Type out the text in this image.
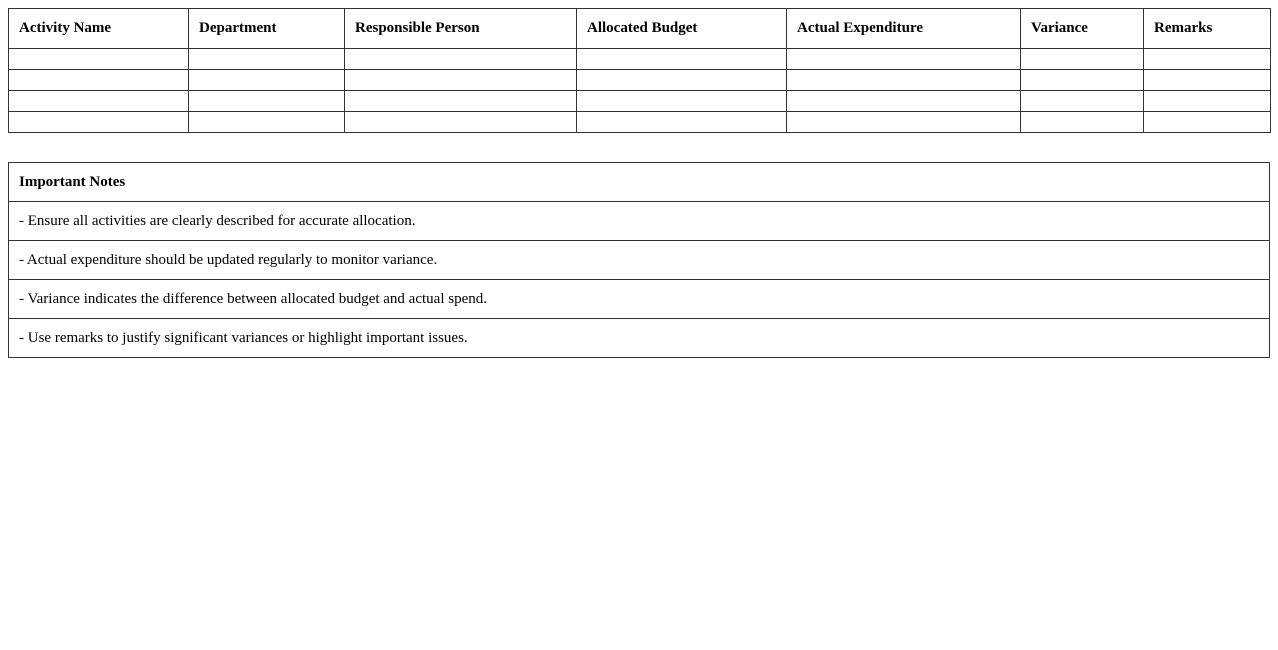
Activity Name	Department	Responsible Person	Allocated Budget	Actual Expenditure	Variance	Remarks

Important Notes
- Ensure all activities are clearly described for accurate allocation.
- Actual expenditure should be updated regularly to monitor variance.
- Variance indicates the difference between allocated budget and actual spend.
- Use remarks to justify significant variances or highlight important issues.
